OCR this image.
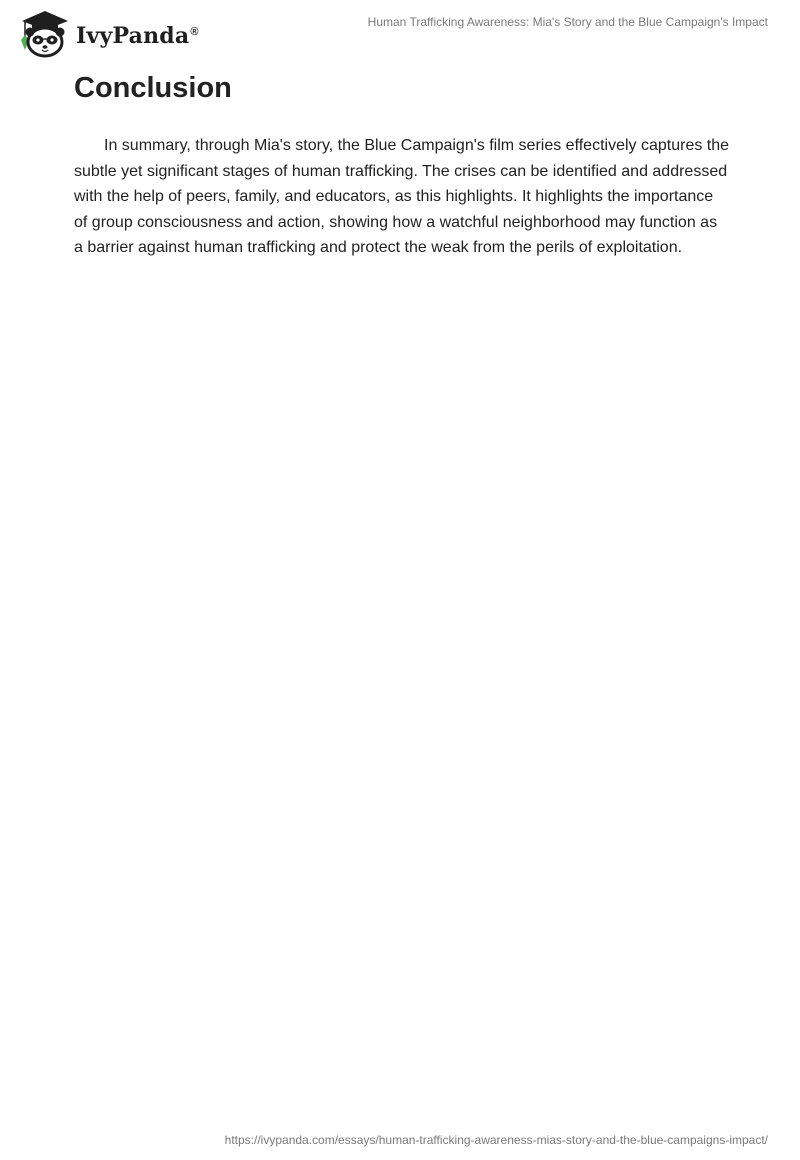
IvyPanda®
Human Trafficking Awareness: Mia's Story and the Blue Campaign's Impact
Conclusion

In summary, through Mia's story, the Blue Campaign's film series effectively captures the subtle yet significant stages of human trafficking. The crises can be identified and addressed with the help of peers, family, and educators, as this highlights. It highlights the importance of group consciousness and action, showing how a watchful neighborhood may function as a barrier against human trafficking and protect the weak from the perils of exploitation.

https://ivypanda.com/essays/human-trafficking-awareness-mias-story-and-the-blue-campaigns-impact/
